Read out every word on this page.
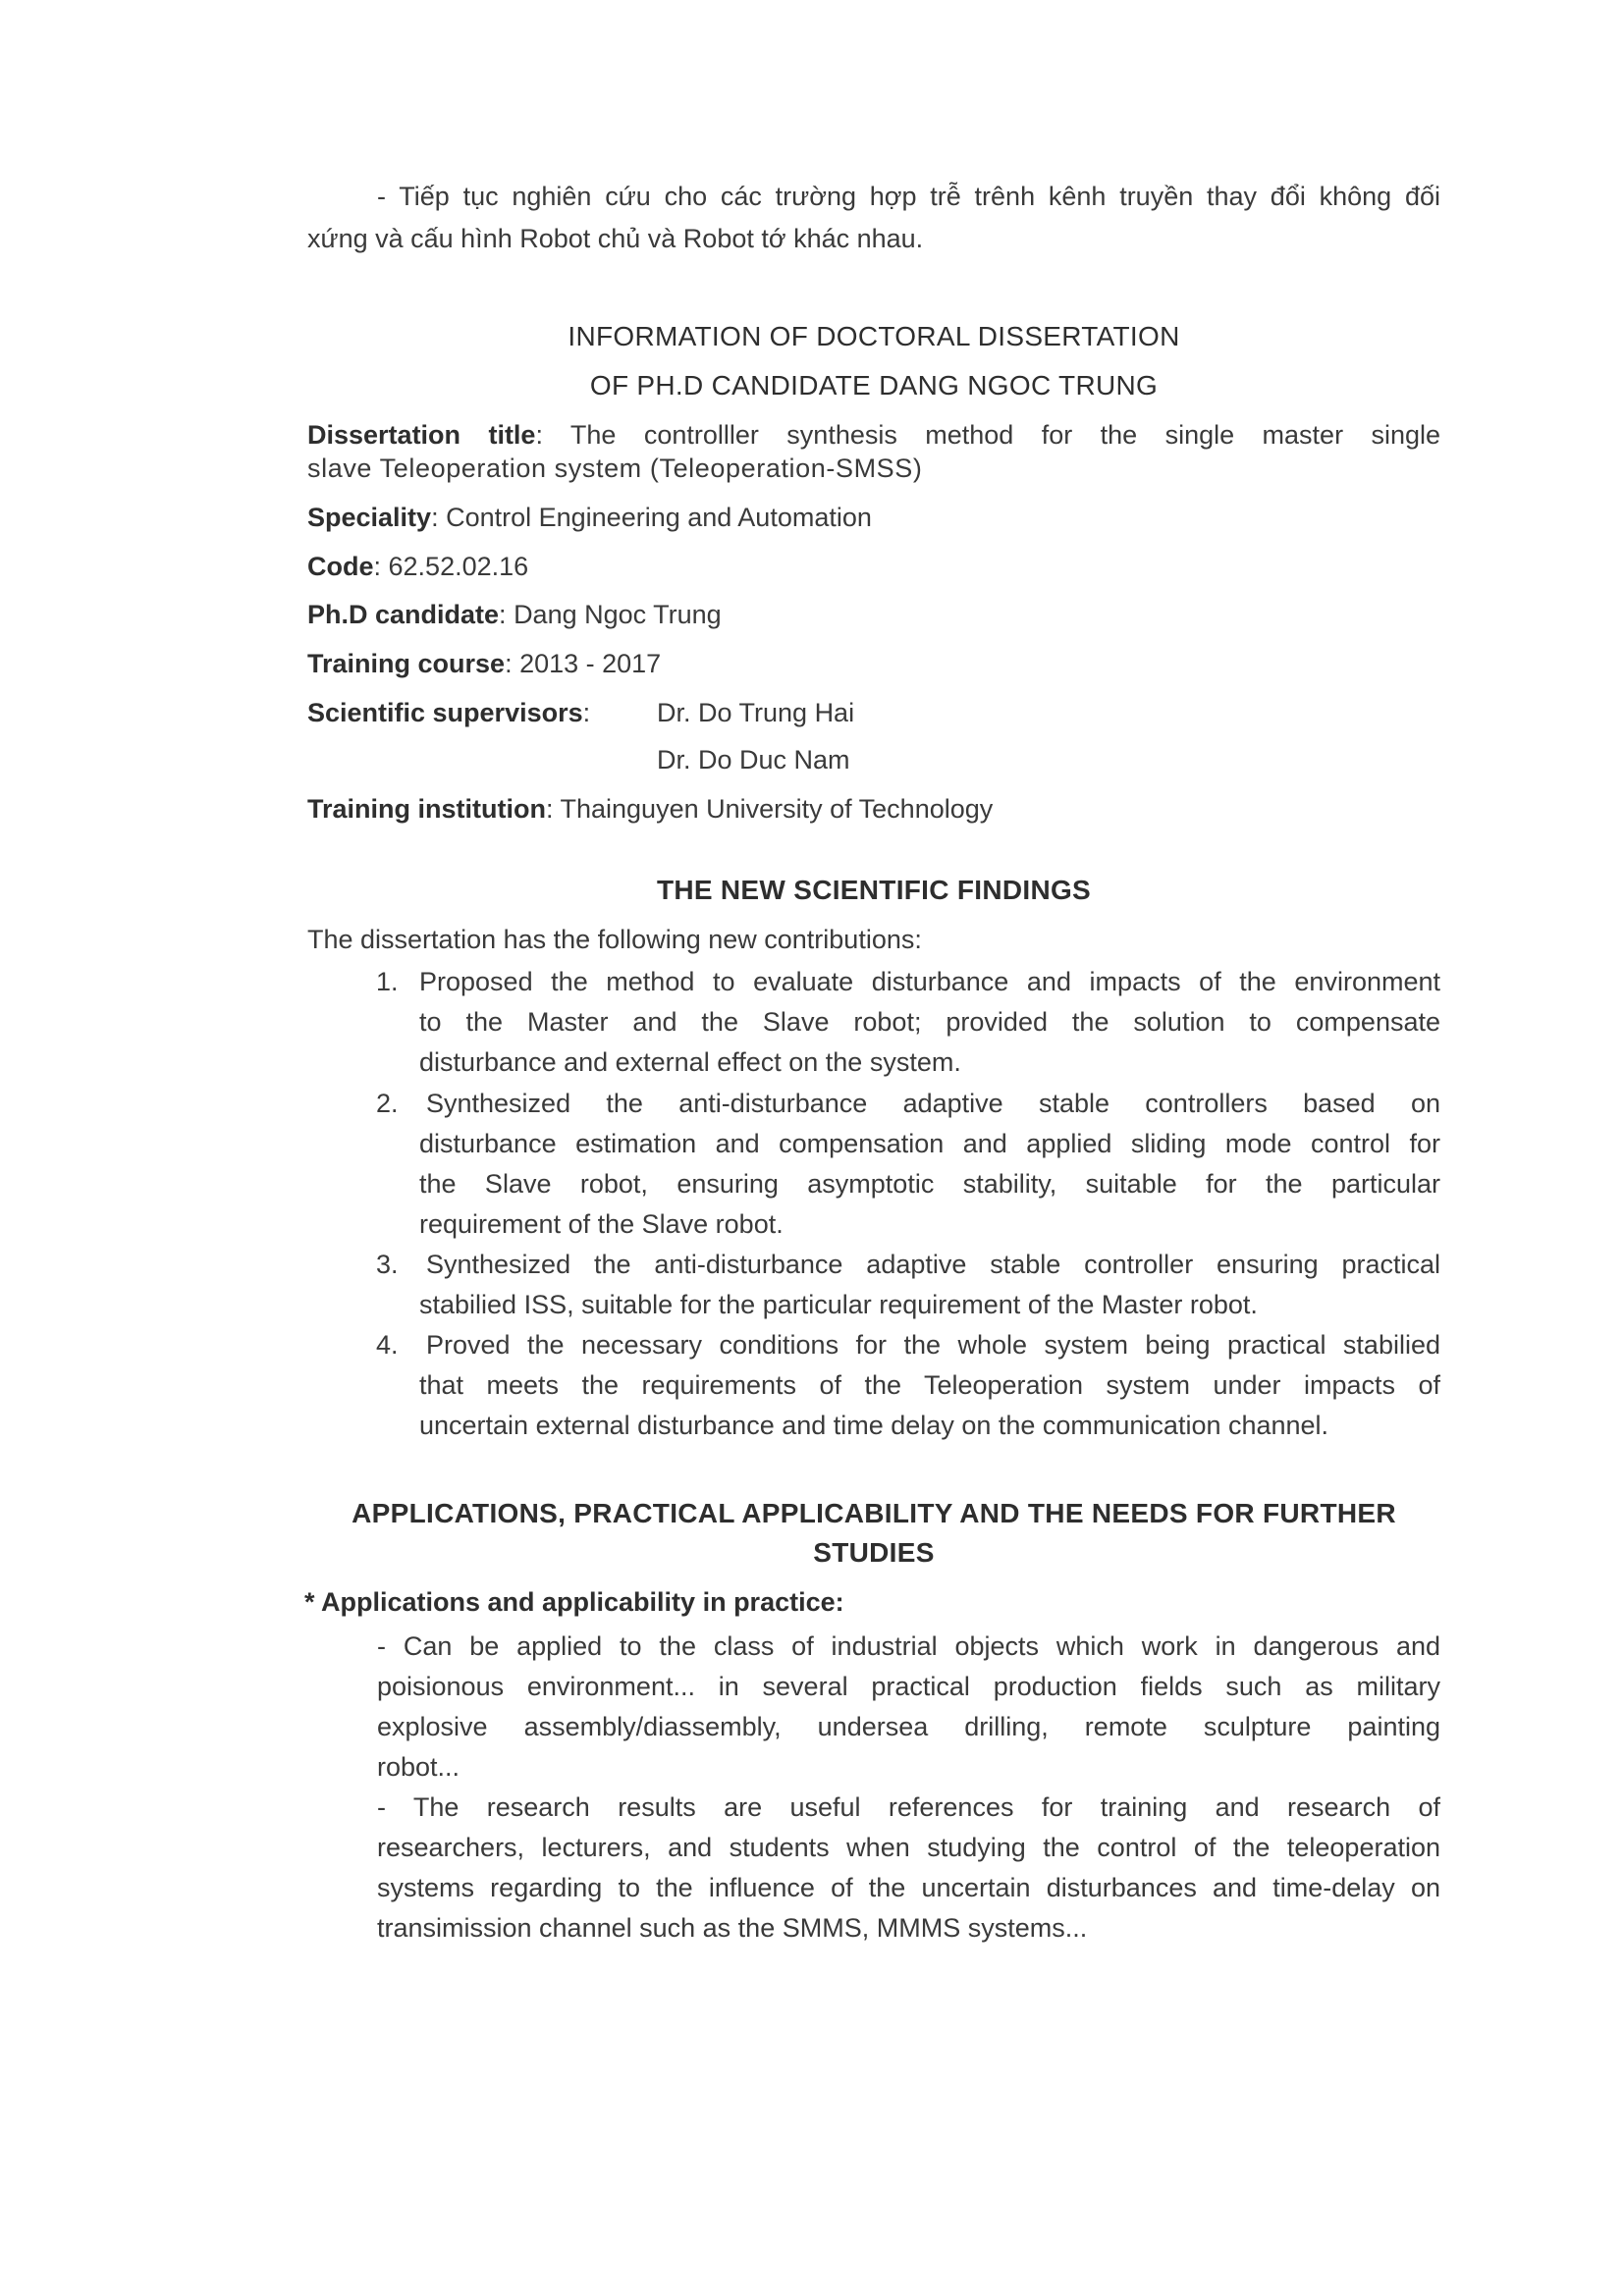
- Tiếp tục nghiên cứu cho các trường hợp trễ trênh kênh truyền thay đổi không đối
xứng và cấu hình Robot chủ và Robot tớ khác nhau.
INFORMATION OF DOCTORAL DISSERTATION
OF PH.D CANDIDATE DANG NGOC TRUNG
Dissertation title: The controlller synthesis method for the single master single
slave Teleoperation system (Teleoperation-SMSS)
Speciality: Control Engineering and Automation
Code: 62.52.02.16
Ph.D candidate: Dang Ngoc Trung
Training course: 2013 - 2017
Scientific supervisors:	Dr. Do Trung Hai
Dr. Do Duc Nam
Training institution: Thainguyen University of Technology
THE NEW SCIENTIFIC FINDINGS
The dissertation has the following new contributions:
1. Proposed the method to evaluate disturbance and impacts of the environment
to the Master and the Slave robot; provided the solution to compensate
disturbance and external effect on the system.
2. Synthesized the anti-disturbance adaptive stable controllers based on
disturbance estimation and compensation and applied sliding mode control for
the Slave robot, ensuring asymptotic stability, suitable for the particular
requirement of the Slave robot.
3. Synthesized the anti-disturbance adaptive stable controller ensuring practical
stabilied ISS, suitable for the particular requirement of the Master robot.
4. Proved the necessary conditions for the whole system being practical stabilied
that meets the requirements of the Teleoperation system under impacts of
uncertain external disturbance and time delay on the communication channel.
APPLICATIONS, PRACTICAL APPLICABILITY AND THE NEEDS FOR FURTHER
STUDIES
* Applications and applicability in practice:
- Can be applied to the class of industrial objects which work in dangerous and
poisionous environment... in several practical production fields such as military
explosive assembly/diassembly, undersea drilling, remote sculpture painting
robot...
- The research results are useful references for training and research of
researchers, lecturers, and students when studying the control of the teleoperation
systems regarding to the influence of the uncertain disturbances and time-delay on
transimission channel such as the SMMS, MMMS systems...
